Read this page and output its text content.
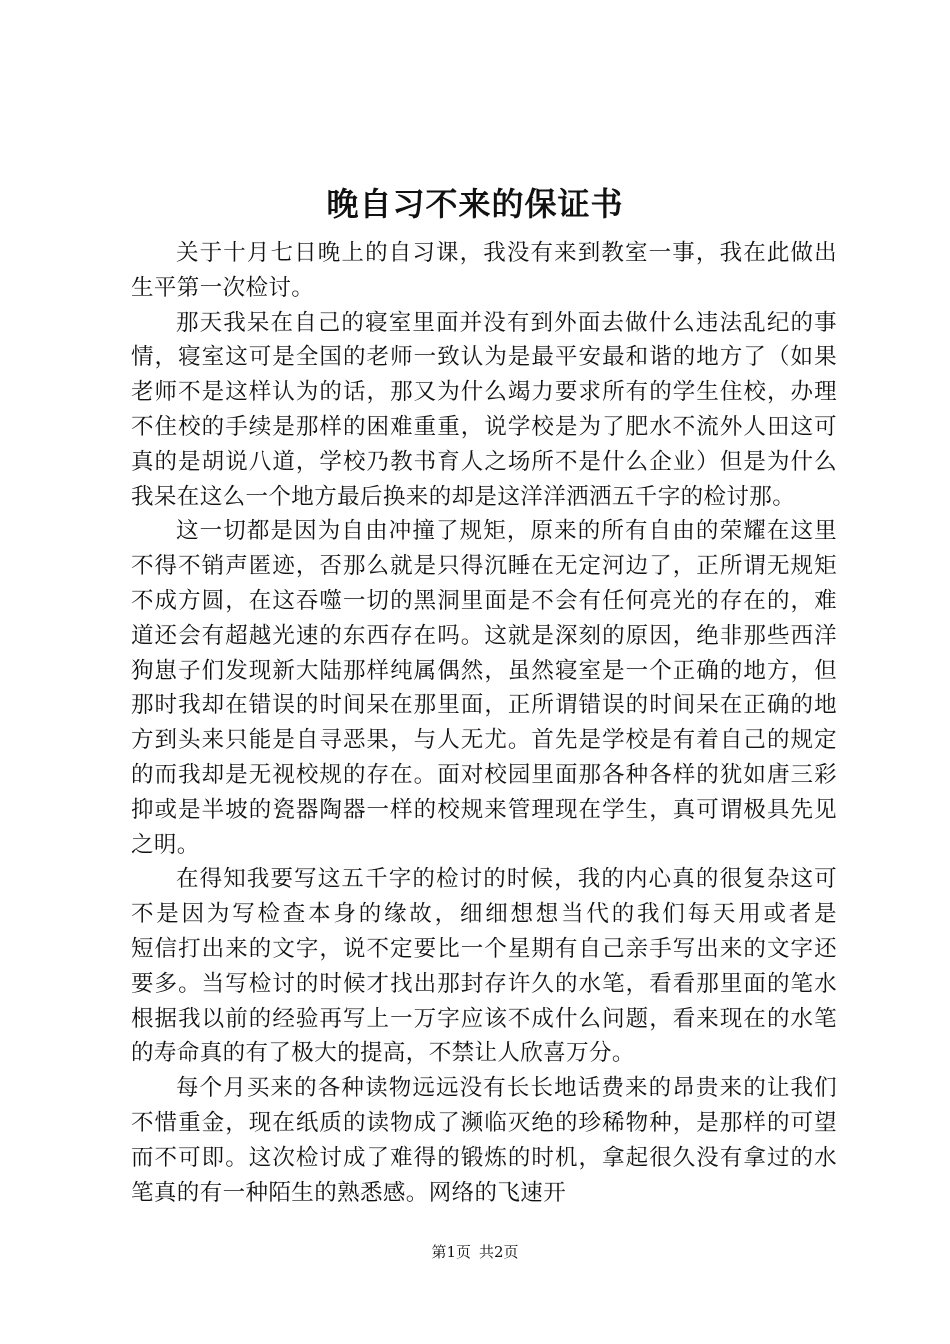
晚自习不来的保证书

关于十月七日晚上的自习课，我没有来到教室一事，我在此做出生平第一次检讨。

那天我呆在自己的寝室里面并没有到外面去做什么违法乱纪的事情，寝室这可是全国的老师一致认为是最平安最和谐的地方了（如果老师不是这样认为的话，那又为什么竭力要求所有的学生住校，办理不住校的手续是那样的困难重重，说学校是为了肥水不流外人田这可真的是胡说八道，学校乃教书育人之场所不是什么企业）但是为什么我呆在这么一个地方最后换来的却是这洋洋洒洒五千字的检讨那。

这一切都是因为自由冲撞了规矩，原来的所有自由的荣耀在这里不得不销声匿迹，否那么就是只得沉睡在无定河边了，正所谓无规矩不成方圆，在这吞噬一切的黑洞里面是不会有任何亮光的存在的，难道还会有超越光速的东西存在吗。这就是深刻的原因，绝非那些西洋狗崽子们发现新大陆那样纯属偶然，虽然寝室是一个正确的地方，但那时我却在错误的时间呆在那里面，正所谓错误的时间呆在正确的地方到头来只能是自寻恶果，与人无尤。首先是学校是有着自己的规定的而我却是无视校规的存在。面对校园里面那各种各样的犹如唐三彩抑或是半坡的瓷器陶器一样的校规来管理现在学生，真可谓极具先见之明。

在得知我要写这五千字的检讨的时候，我的内心真的很复杂这可不是因为写检查本身的缘故，细细想想当代的我们每天用或者是　　短信打出来的文字，说不定要比一个星期有自己亲手写出来的文字还要多。当写检讨的时候才找出那封存许久的水笔，看看那里面的笔水根据我以前的经验再写上一万字应该不成什么问题，看来现在的水笔的寿命真的有了极大的提高，不禁让人欣喜万分。

每个月买来的各种读物远远没有长长地话费来的昂贵来的让我们不惜重金，现在纸质的读物成了濒临灭绝的珍稀物种，是那样的可望而不可即。这次检讨成了难得的锻炼的时机，拿起很久没有拿过的水笔真的有一种陌生的熟悉感。网络的飞速开

第1页 共2页
